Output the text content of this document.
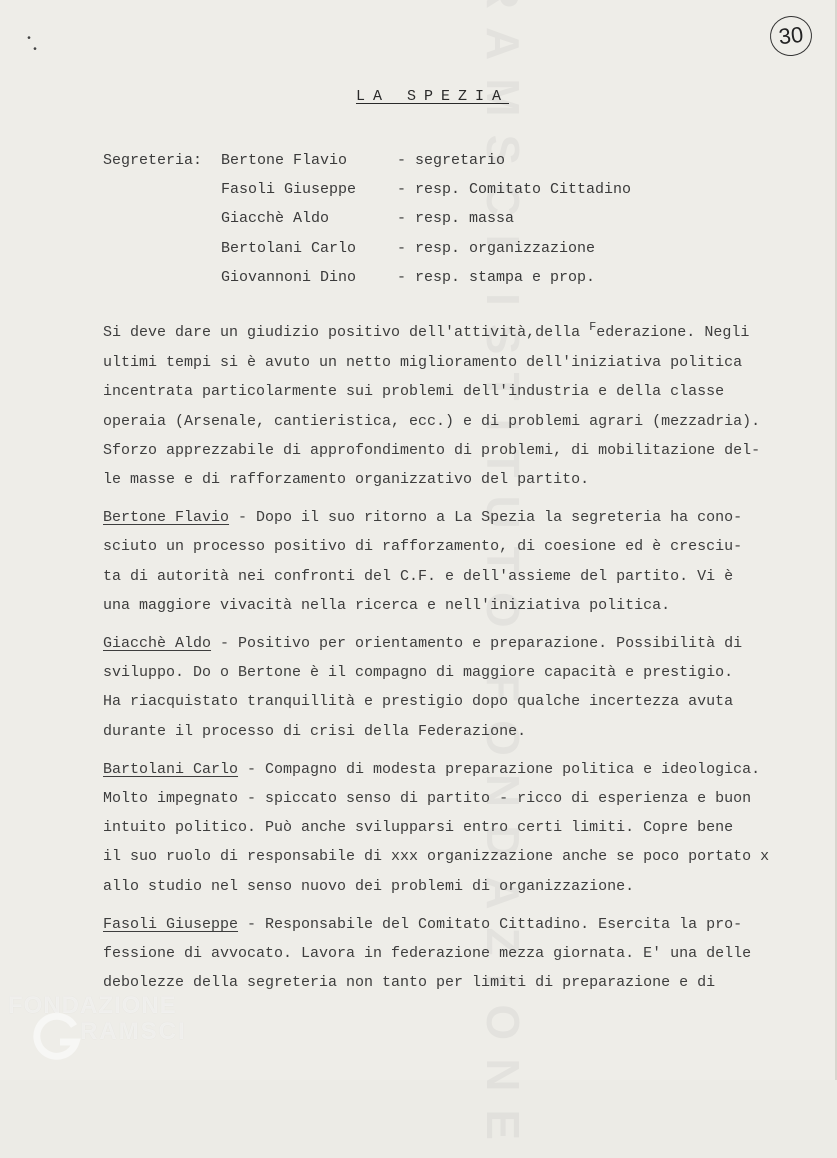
•
•
30
LA SPEZIA
Segreteria:	Bertone Flavio	- segretario
Fasoli Giuseppe	- resp. Comitato Cittadino
Giacchè Aldo	- resp. massa
Bertolani Carlo	- resp. organizzazione
Giovannoni Dino	- resp. stampa e prop.

Si deve dare un giudizio positivo dell'attività,della $^F$ederazione. Negli
ultimi tempi si è avuto un netto miglioramento dell'iniziativa politica
incentrata particolarmente sui problemi dell'industria e della classe
operaia (Arsenale, cantieristica, ecc.) e di problemi agrari (mezzadria).
Sforzo apprezzabile di approfondimento di problemi, di mobilitazione del-
le masse e di rafforzamento organizzativo del partito.

Bertone Flavio - Dopo il suo ritorno a La Spezia la segreteria ha cono-
sciuto un processo positivo di rafforzamento, di coesione ed è cresciu-
ta di autorità nei confronti del C.F. e dell'assieme del partito. Vi è
una maggiore vivacità nella ricerca e nell'iniziativa politica.

Giacchè Aldo - Positivo per orientamento e preparazione. Possibilità di
sviluppo. Do o Bertone è il compagno di maggiore capacità e prestigio.
Ha riacquistato tranquillità e prestigio dopo qualche incertezza avuta
durante il processo di crisi della Federazione.

Bartolani Carlo - Compagno di modesta preparazione politica e ideologica.
Molto impegnato - spiccato senso di partito - ricco di esperienza e buon
intuito politico. Può anche svilupparsi entro certi limiti. Copre bene
il suo ruolo di responsabile di xxx organizzazione anche se poco portato x
allo studio nel senso nuovo dei problemi di organizzazione.

Fasoli Giuseppe - Responsabile del Comitato Cittadino. Esercita la pro-
fessione di avvocato. Lavora in federazione mezza giornata. E' una delle
debolezze della segreteria non tanto per limiti di preparazione e di

FONDAZIONE
RAMSCI
